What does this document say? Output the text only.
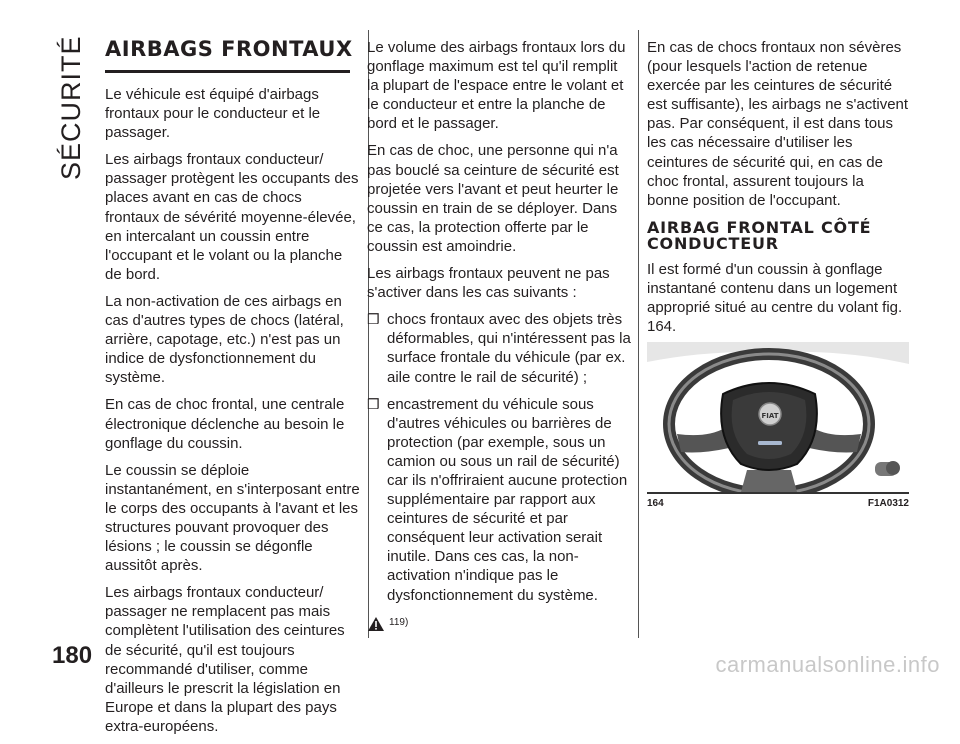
SÉCURITÉ AIRBAGS FRONTAUX

Le véhicule est équipé d'airbags frontaux pour le conducteur et le passager.

Les airbags frontaux conducteur/ passager protègent les occupants des places avant en cas de chocs frontaux de sévérité moyenne-élevée, en intercalant un coussin entre l'occupant et le volant ou la planche de bord.

La non-activation de ces airbags en cas d'autres types de chocs (latéral, arrière, capotage, etc.) n'est pas un indice de dysfonctionnement du système.

En cas de choc frontal, une centrale électronique déclenche au besoin le gonflage du coussin.

Le coussin se déploie instantanément, en s'interposant entre le corps des occupants à l'avant et les structures pouvant provoquer des lésions ; le coussin se dégonfle aussitôt après.

Les airbags frontaux conducteur/ passager ne remplacent pas mais complètent l'utilisation des ceintures de sécurité, qu'il est toujours recommandé d'utiliser, comme d'ailleurs le prescrit la législation en Europe et dans la plupart des pays extra-européens.

Le volume des airbags frontaux lors du gonflage maximum est tel qu'il remplit la plupart de l'espace entre le volant et le conducteur et entre la planche de bord et le passager.

En cas de choc, une personne qui n'a pas bouclé sa ceinture de sécurité est projetée vers l'avant et peut heurter le coussin en train de se déployer. Dans ce cas, la protection offerte par le coussin est amoindrie.

Les airbags frontaux peuvent ne pas s'activer dans les cas suivants :

❒ chocs frontaux avec des objets très déformables, qui n'intéressent pas la surface frontale du véhicule (par ex. aile contre le rail de sécurité) ;
❒ encastrement du véhicule sous d'autres véhicules ou barrières de protection (par exemple, sous un camion ou sous un rail de sécurité) car ils n'offriraient aucune protection supplémentaire par rapport aux ceintures de sécurité et par conséquent leur activation serait inutile. Dans ces cas, la non-activation n'indique pas le dysfonctionnement du système.
119)

En cas de chocs frontaux non sévères (pour lesquels l'action de retenue exercée par les ceintures de sécurité est suffisante), les airbags ne s'activent pas. Par conséquent, il est dans tous les cas nécessaire d'utiliser les ceintures de sécurité qui, en cas de choc frontal, assurent toujours la bonne position de l'occupant.

AIRBAG FRONTAL CÔTÉ CONDUCTEUR

Il est formé d'un coussin à gonflage instantané contenu dans un logement approprié situé au centre du volant fig. 164.

FIAT
164	F1A0312
180	carmanualsonline.info
